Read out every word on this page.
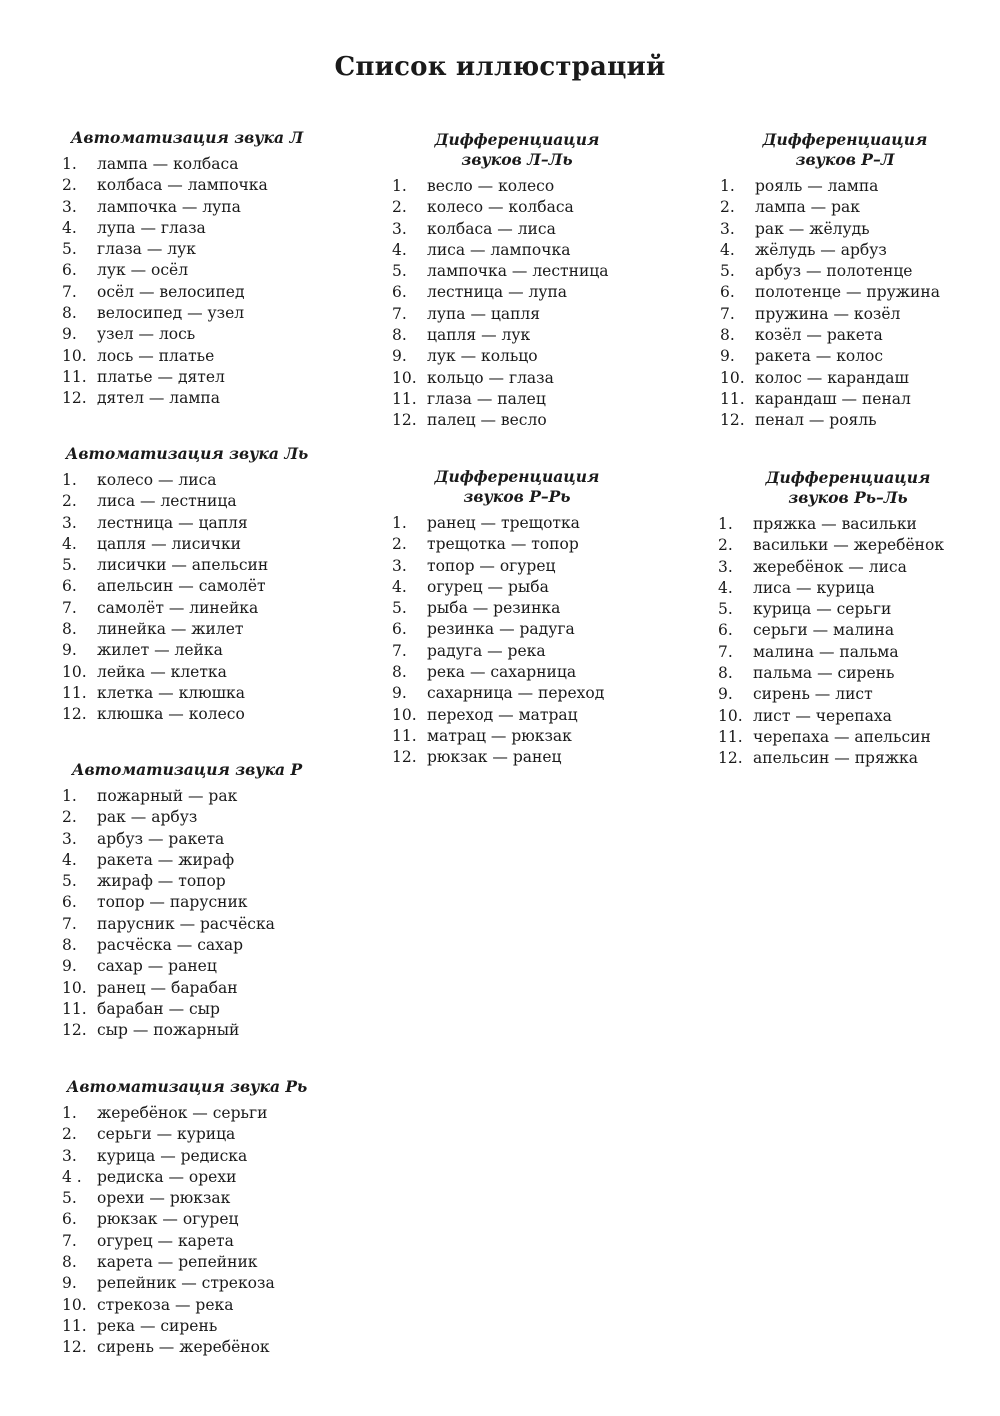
Список иллюстраций
Автоматизация звука Л
1.	лампа — колбаса
2.	колбаса — лампочка
3.	лампочка — лупа
4.	лупа — глаза
5.	глаза — лук
6.	лук — осёл
7.	осёл — велосипед
8.	велосипед — узел
9.	узел — лось
10. лось — платье
11. платье — дятел
12. дятел — лампа
Автоматизация звука Ль
1.	колесо — лиса
2.	лиса — лестница
3.	лестница — цапля
4.	цапля — лисички
5.	лисички — апельсин
6.	апельсин — самолёт
7.	самолёт — линейка
8.	линейка — жилет
9.	жилет — лейка
10. лейка — клетка
11. клетка — клюшка
12. клюшка — колесо
Автоматизация звука Р
1.	пожарный — рак
2.	рак — арбуз
3.	арбуз — ракета
4.	ракета — жираф
5.	жираф — топор
6.	топор — парусник
7.	парусник — расчёска
8.	расчёска — сахар
9.	сахар — ранец
10. ранец — барабан
11. барабан — сыр
12. сыр — пожарный
Автоматизация звука Рь
1.	жеребёнок — серьги
2.	серьги — курица
3.	курица — редиска
4 . редиска — орехи
5.	орехи — рюкзак
6.	рюкзак — огурец
7.	огурец — карета
8.	карета — репейник
9.	репейник — стрекоза
10. стрекоза — река
11. река — сирень
12. сирень — жеребёнок
Дифференциация
звуков Л–Ль
1.	весло — колесо
2.	колесо — колбаса
3.	колбаса — лиса
4.	лиса — лампочка
5.	лампочка — лестница
6.	лестница — лупа
7.	лупа — цапля
8.	цапля — лук
9.	лук — кольцо
10. кольцо — глаза
11. глаза — палец
12. палец — весло
Дифференциация
звуков Р–Рь
1.	ранец — трещотка
2.	трещотка — топор
3.	топор — огурец
4.	огурец — рыба
5.	рыба — резинка
6.	резинка — радуга
7.	радуга — река
8.	река — сахарница
9.	сахарница — переход
10. переход — матрац
11. матрац — рюкзак
12. рюкзак — ранец
Дифференциация
звуков Р–Л
1.	рояль — лампа
2.	лампа — рак
3.	рак — жёлудь
4.	жёлудь — арбуз
5.	арбуз — полотенце
6.	полотенце — пружина
7.	пружина — козёл
8.	козёл — ракета
9.	ракета — колос
10. колос — карандаш
11. карандаш — пенал
12. пенал — рояль
Дифференциация
звуков Рь–Ль
1.	пряжка — васильки
2.	васильки — жеребёнок
3.	жеребёнок — лиса
4.	лиса — курица
5.	курица — серьги
6.	серьги — малина
7.	малина — пальма
8.	пальма — сирень
9.	сирень — лист
10. лист — черепаха
11. черепаха — апельсин
12. апельсин — пряжка
